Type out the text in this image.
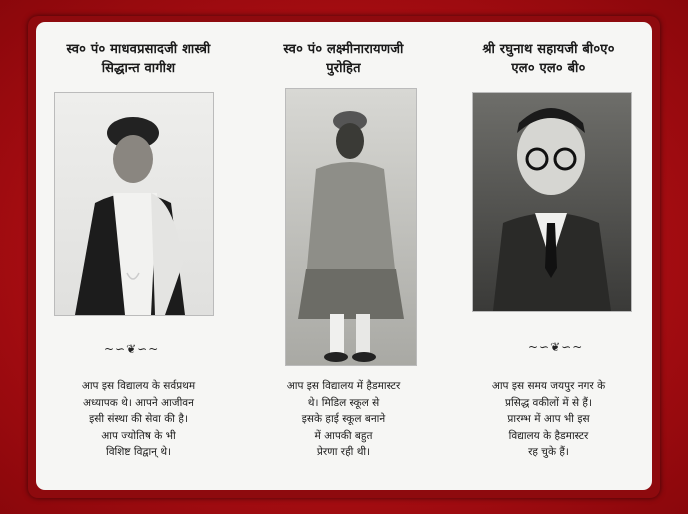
स्व० पं० माधवप्रसादजी शास्त्री
सिद्धान्त वागीश
~∽❦∽~
आप इस विद्यालय के सर्वप्रथम
अध्यापक थे। आपने आजीवन
इसी संस्था की सेवा की है।
आप ज्योतिष के भी
विशिष्ट विद्वान् थे।
स्व० पं० लक्ष्मीनारायणजी
पुरोहित
आप इस विद्यालय में हैडमास्टर
थे। मिडिल स्कूल से
इसके हाई स्कूल बनाने
में आपकी बहुत
प्रेरणा रही थी।
श्री रघुनाथ सहायजी बी०ए०
एल० एल० बी०
~∽❦∽~
आप इस समय जयपुर नगर के
प्रसिद्ध वकीलों में से हैं।
प्रारम्भ में आप भी इस
विद्यालय के हैडमास्टर
रह चुके हैं।
